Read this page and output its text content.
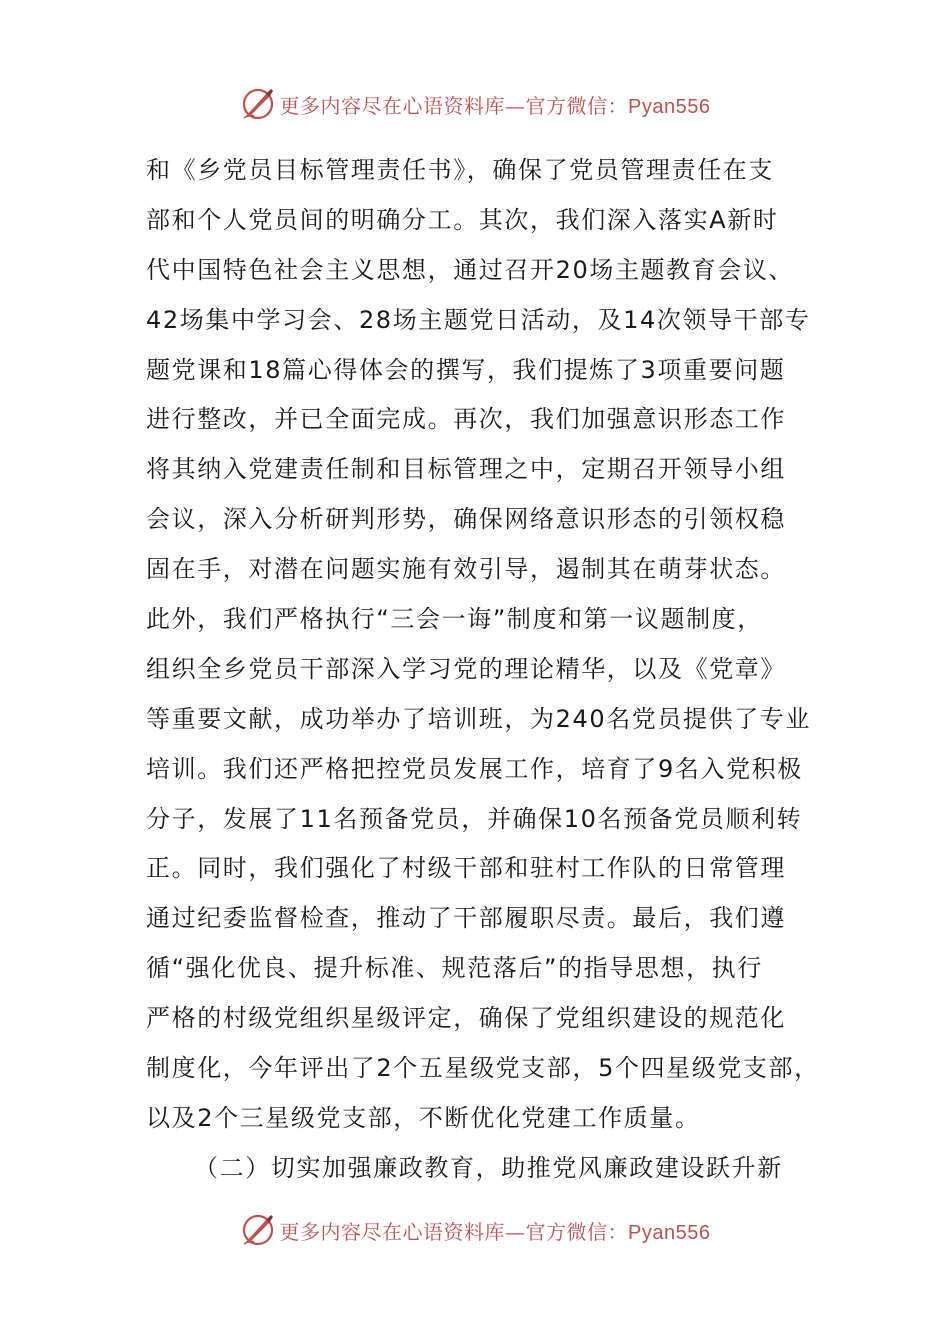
更多内容尽在心语资料库—官方微信：Pyan556
和《乡党员目标管理责任书》，确保了党员管理责任在支
部和个人党员间的明确分工。其次，我们深入落实A新时
代中国特色社会主义思想，通过召开20场主题教育会议、
42场集中学习会、28场主题党日活动，及14次领导干部专
题党课和18篇心得体会的撰写，我们提炼了3项重要问题
进行整改，并已全面完成。再次，我们加强意识形态工作
将其纳入党建责任制和目标管理之中，定期召开领导小组
会议，深入分析研判形势，确保网络意识形态的引领权稳
固在手，对潜在问题实施有效引导，遏制其在萌芽状态。
此外，我们严格执行“三会一诲”制度和第一议题制度，
组织全乡党员干部深入学习党的理论精华，以及《党章》
等重要文献，成功举办了培训班，为240名党员提供了专业
培训。我们还严格把控党员发展工作，培育了9名入党积极
分子，发展了11名预备党员，并确保10名预备党员顺利转
正。同时，我们强化了村级干部和驻村工作队的日常管理
通过纪委监督检查，推动了干部履职尽责。最后，我们遵
循“强化优良、提升标准、规范落后”的指导思想，执行
严格的村级党组织星级评定，确保了党组织建设的规范化
制度化，今年评出了2个五星级党支部，5个四星级党支部，
以及2个三星级党支部，不断优化党建工作质量。
（二）切实加强廉政教育，助推党风廉政建设跃升新
更多内容尽在心语资料库—官方微信：Pyan556
